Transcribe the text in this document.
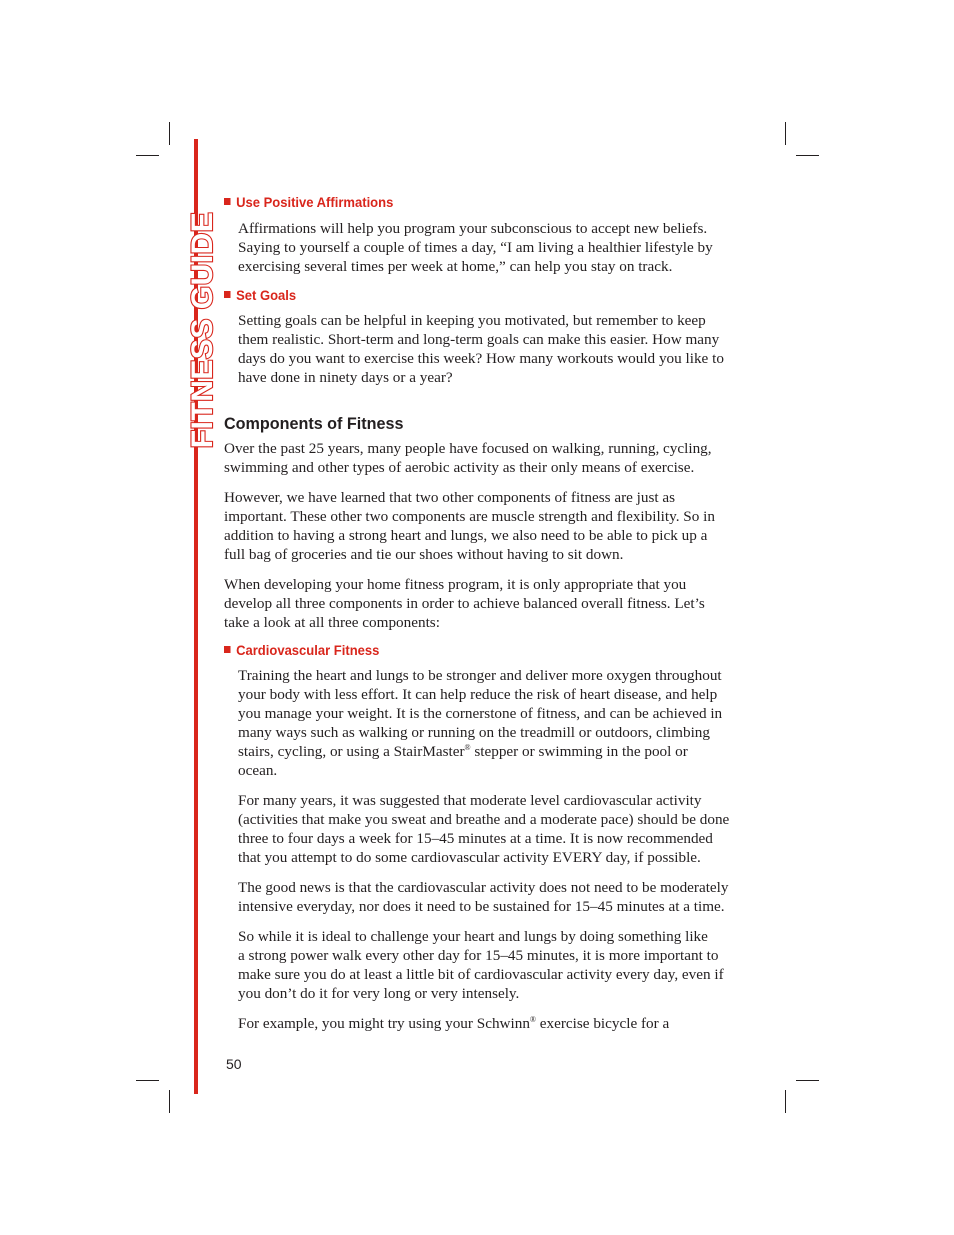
FITNESS GUIDE
Use Positive Affirmations

Affirmations will help you program your subconscious to accept new beliefs.

Saying to yourself a couple of times a day, “I am living a healthier lifestyle by

exercising several times per week at home,” can help you stay on track.

Set Goals

Setting goals can be helpful in keeping you motivated, but remember to keep

them realistic. Short-term and long-term goals can make this easier. How many

days do you want to exercise this week? How many workouts would you like to

have done in ninety days or a year?

Components of Fitness

Over the past 25 years, many people have focused on walking, running, cycling,

swimming and other types of aerobic activity as their only means of exercise.

However, we have learned that two other components of fitness are just as

important. These other two components are muscle strength and flexibility. So in

addition to having a strong heart and lungs, we also need to be able to pick up a

full bag of groceries and tie our shoes without having to sit down.

When developing your home fitness program, it is only appropriate that you

develop all three components in order to achieve balanced overall fitness. Let’s

take a look at all three components:

Cardiovascular Fitness

Training the heart and lungs to be stronger and deliver more oxygen throughout

your body with less effort. It can help reduce the risk of heart disease, and help

you manage your weight. It is the cornerstone of fitness, and can be achieved in

many ways such as walking or running on the treadmill or outdoors, climbing

stairs, cycling, or using a StairMaster® stepper or swimming in the pool or

ocean.

For many years, it was suggested that moderate level cardiovascular activity

(activities that make you sweat and breathe and a moderate pace) should be done

three to four days a week for 15–45 minutes at a time. It is now recommended

that you attempt to do some cardiovascular activity EVERY day, if possible.

The good news is that the cardiovascular activity does not need to be moderately

intensive everyday, nor does it need to be sustained for 15–45 minutes at a time.

So while it is ideal to challenge your heart and lungs by doing something like

a strong power walk every other day for 15–45 minutes, it is more important to

make sure you do at least a little bit of cardiovascular activity every day, even if

you don’t do it for very long or very intensely.

For example, you might try using your Schwinn® exercise bicycle for a

50
